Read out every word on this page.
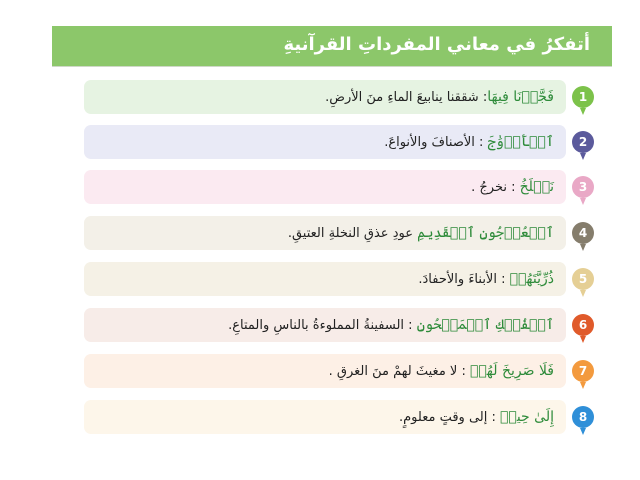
أتفكرُ في معاني المفرداتِ القرآنيةِ
فَجَّرۡنَا فِيهَا: شققنا ينابيعَ الماءِ منَ الأرضِ.	1
ٱلۡأَزۡوَٰجَ : الأصنافَ والأنواعَ.	2
نَسۡلَخُ : نخرجُ .	3
ٱلۡعُرۡجُونِ ٱلۡقَدِيمِ عودِ عذقِ النخلةِ العتيقِ.	4
ذُرِّيَّتَهُمۡ : الأبناءَ والأحفادَ.	5
ٱلۡفُلۡكِ ٱلۡمَشۡحُونِ : السفينةُ المملوءةُ بالناسِ والمتاعِ.	6
فَلَا صَرِيخَ لَهُمۡ : لا مغيثَ لهمْ منَ الغرقِ .	7
إِلَىٰ حِينٖ : إلى وقتٍ معلومٍ.	8
